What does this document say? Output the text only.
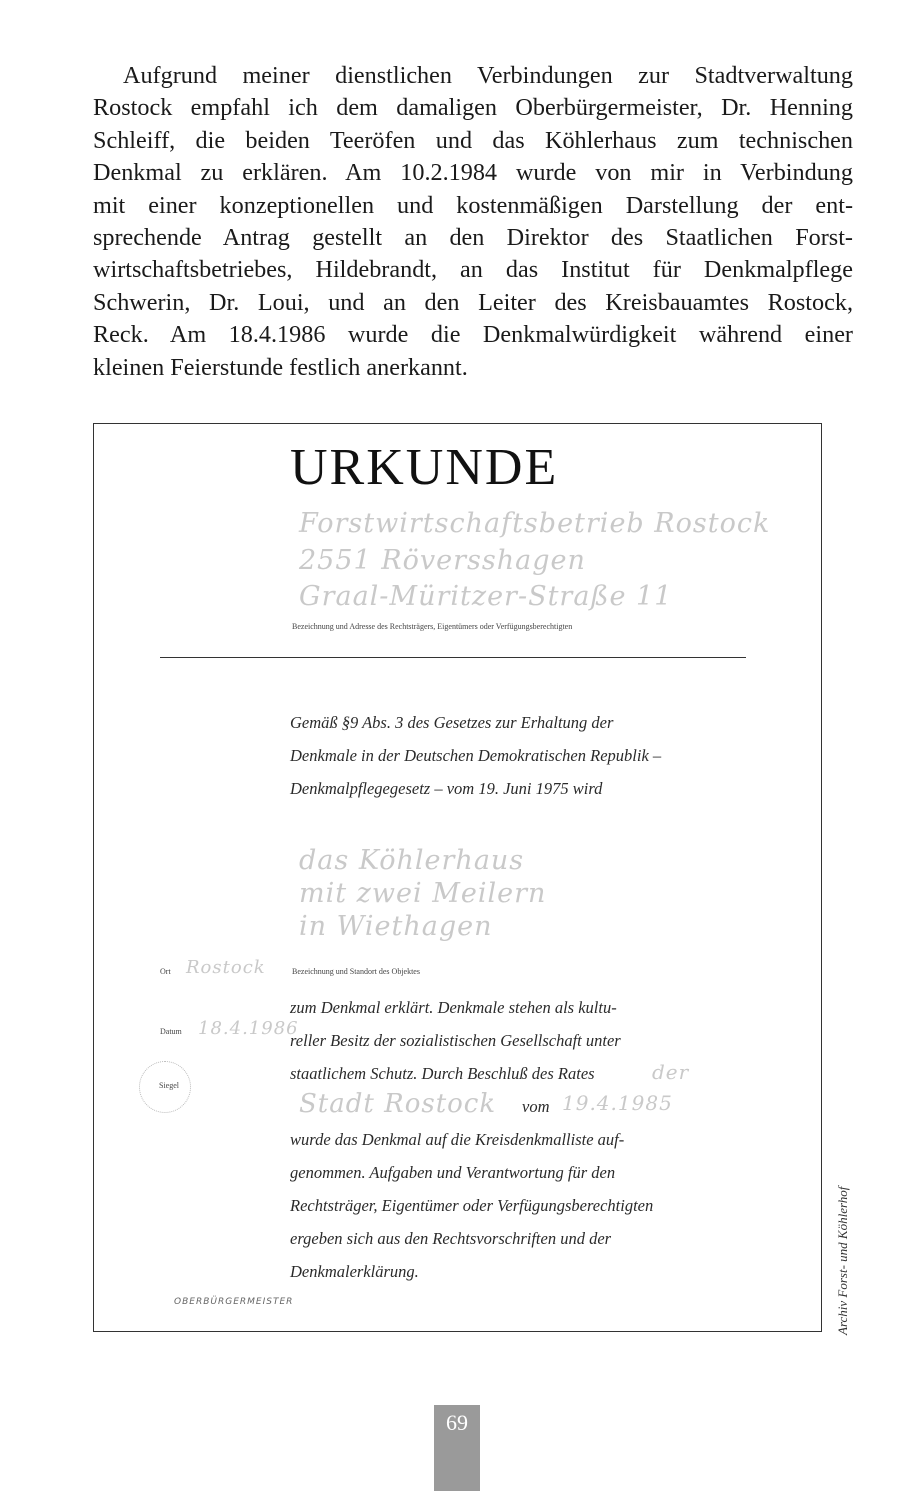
Aufgrund meiner dienstlichen Verbindungen zur Stadtverwaltung
Rostock empfahl ich dem damaligen Oberbürgermeister, Dr. Henning
Schleiff, die beiden Teeröfen und das Köhlerhaus zum technischen
Denkmal zu erklären. Am 10.2.1984 wurde von mir in Verbindung
mit einer konzeptionellen und kostenmäßigen Darstellung der ent-
sprechende Antrag gestellt an den Direktor des Staatlichen Forst-
wirtschaftsbetriebes, Hildebrandt, an das Institut für Denkmalpflege
Schwerin, Dr. Loui, und an den Leiter des Kreisbauamtes Rostock,
Reck. Am 18.4.1986 wurde die Denkmalwürdigkeit während einer
kleinen Feierstunde festlich anerkannt.
URKUNDE
Forstwirtschaftsbetrieb Rostock
2551 Röversshagen
Graal-Müritzer-Straße 11
Bezeichnung und Adresse des Rechtsträgers, Eigentümers oder Verfügungsberechtigten
Gemäß §9 Abs. 3 des Gesetzes zur Erhaltung der
Denkmale in der Deutschen Demokratischen Republik –
Denkmalpflegegesetz – vom 19. Juni 1975 wird
das Köhlerhaus
mit zwei Meilern
in Wiethagen
Ort Rostock	Bezeichnung und Standort des Objektes
Datum 18.4.1986
Siegel
zum Denkmal erklärt. Denkmale stehen als kultu-
reller Besitz der sozialistischen Gesellschaft unter
staatlichem Schutz. Durch Beschluß des Rates	der
Stadt Rostock vom 19.4.1985
wurde das Denkmal auf die Kreisdenkmalliste auf-
genommen. Aufgaben und Verantwortung für den
Rechtsträger, Eigentümer oder Verfügungsberechtigten
ergeben sich aus den Rechtsvorschriften und der
Denkmalerklärung.
OBERBÜRGERMEISTER	Archiv Forst- und Köhlerhof
69
